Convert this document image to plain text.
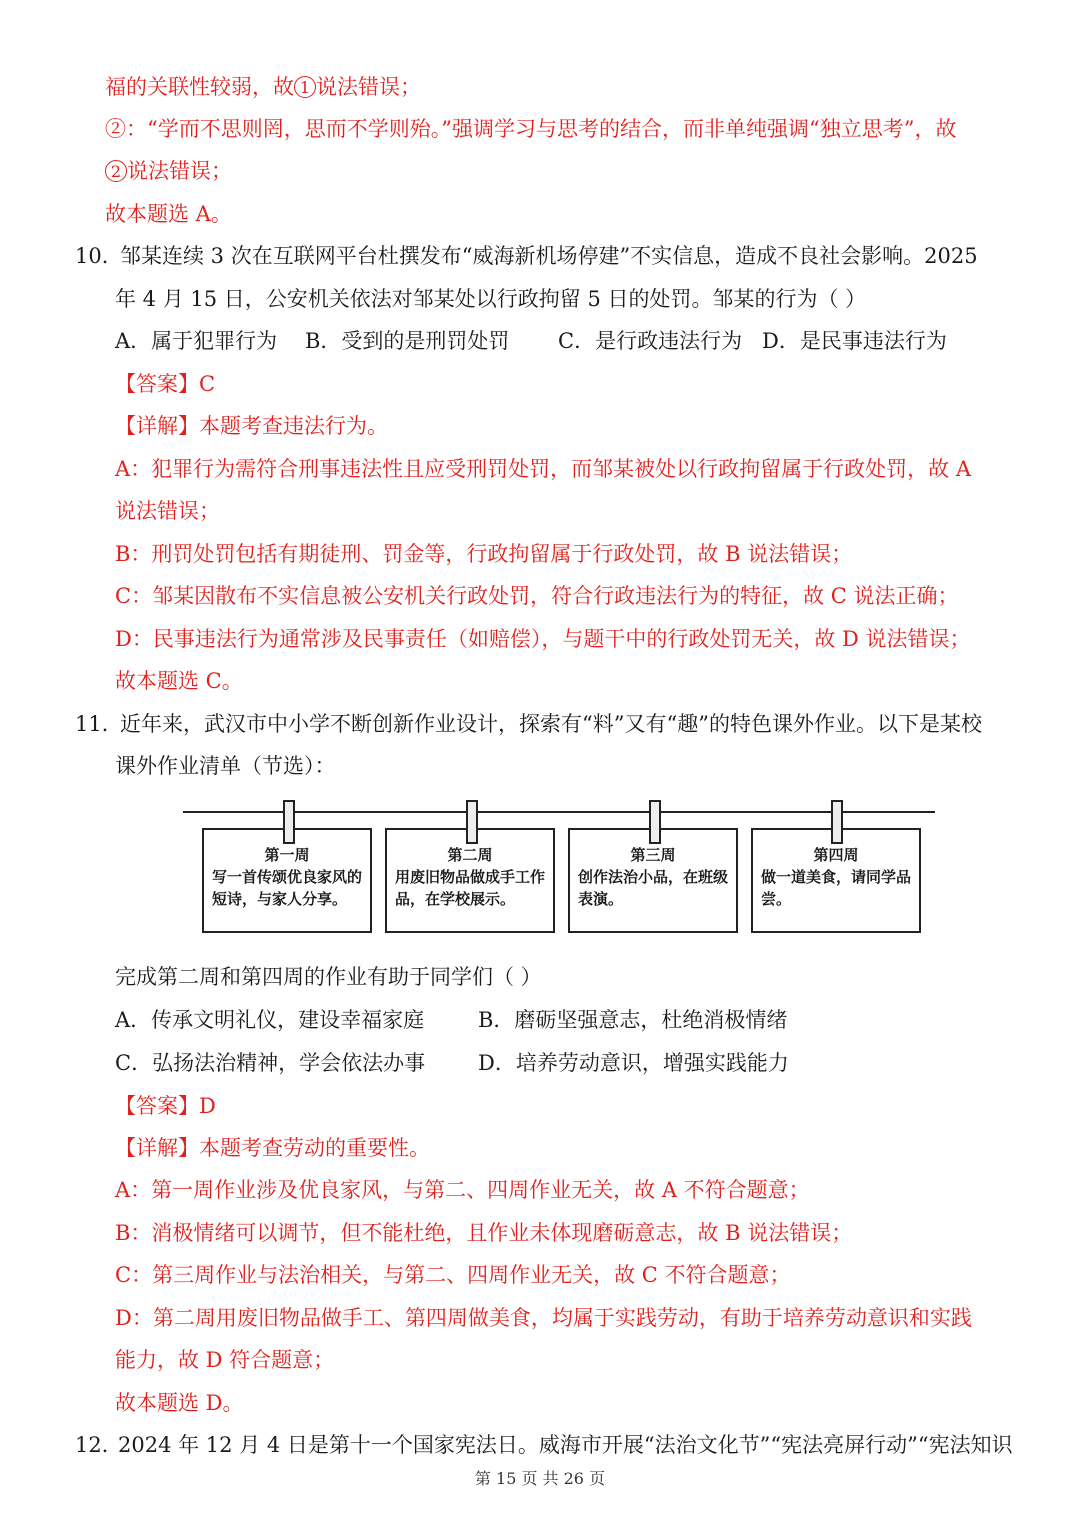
福的关联性较弱，故 1 说法错误；
②：“学而不思则罔，思而不学则殆。”强调学习与思考的结合，而非单纯强调“独立思考”，故
2 说法错误；
故本题选 A。
10．
邹某连续 3 次在互联网平台杜撰发布“威海新机场停建”不实信息，造成不良社会影响。2025
年 4 月 15 日，公安机关依法对邹某处以行政拘留 5 日的处罚。邹某的行为（ ）
A．属于犯罪行为 B．受到的是刑罚处罚 C．是行政违法行为 D．是民事违法行为
【答案】C
【详解】本题考查违法行为。
A：犯罪行为需符合刑事违法性且应受刑罚处罚，而邹某被处以行政拘留属于行政处罚，故 A
说法错误；
B：刑罚处罚包括有期徒刑、罚金等，行政拘留属于行政处罚，故 B 说法错误；
C：邹某因散布不实信息被公安机关行政处罚，符合行政违法行为的特征，故 C 说法正确；
D：民事违法行为通常涉及民事责任（如赔偿），与题干中的行政处罚无关，故 D 说法错误；
故本题选 C。
11．
近年来，武汉市中小学不断创新作业设计，探索有“料”又有“趣”的特色课外作业。以下是某校
课外作业清单（节选）：
第一周
写一首传颂优良家风的短诗，与家人分享。
第二周
用废旧物品做成手工作品，在学校展示。
第三周
创作法治小品，在班级表演。
第四周
做一道美食，请同学品尝。
完成第二周和第四周的作业有助于同学们（ ）
A．传承文明礼仪，建设幸福家庭	B．磨砺坚强意志，杜绝消极情绪
C．弘扬法治精神，学会依法办事	D．培养劳动意识，增强实践能力
【答案】D
【详解】本题考查劳动的重要性。
A：第一周作业涉及优良家风，与第二、四周作业无关，故 A 不符合题意；
B：消极情绪可以调节，但不能杜绝，且作业未体现磨砺意志，故 B 说法错误；
C：第三周作业与法治相关，与第二、四周作业无关，故 C 不符合题意；
D：第二周用废旧物品做手工、第四周做美食，均属于实践劳动，有助于培养劳动意识和实践
能力，故 D 符合题意；
故本题选 D。
12．
2024 年 12 月 4 日是第十一个国家宪法日。威海市开展“法治文化节”“宪法亮屏行动”“宪法知识
第 15 页 共 26 页
